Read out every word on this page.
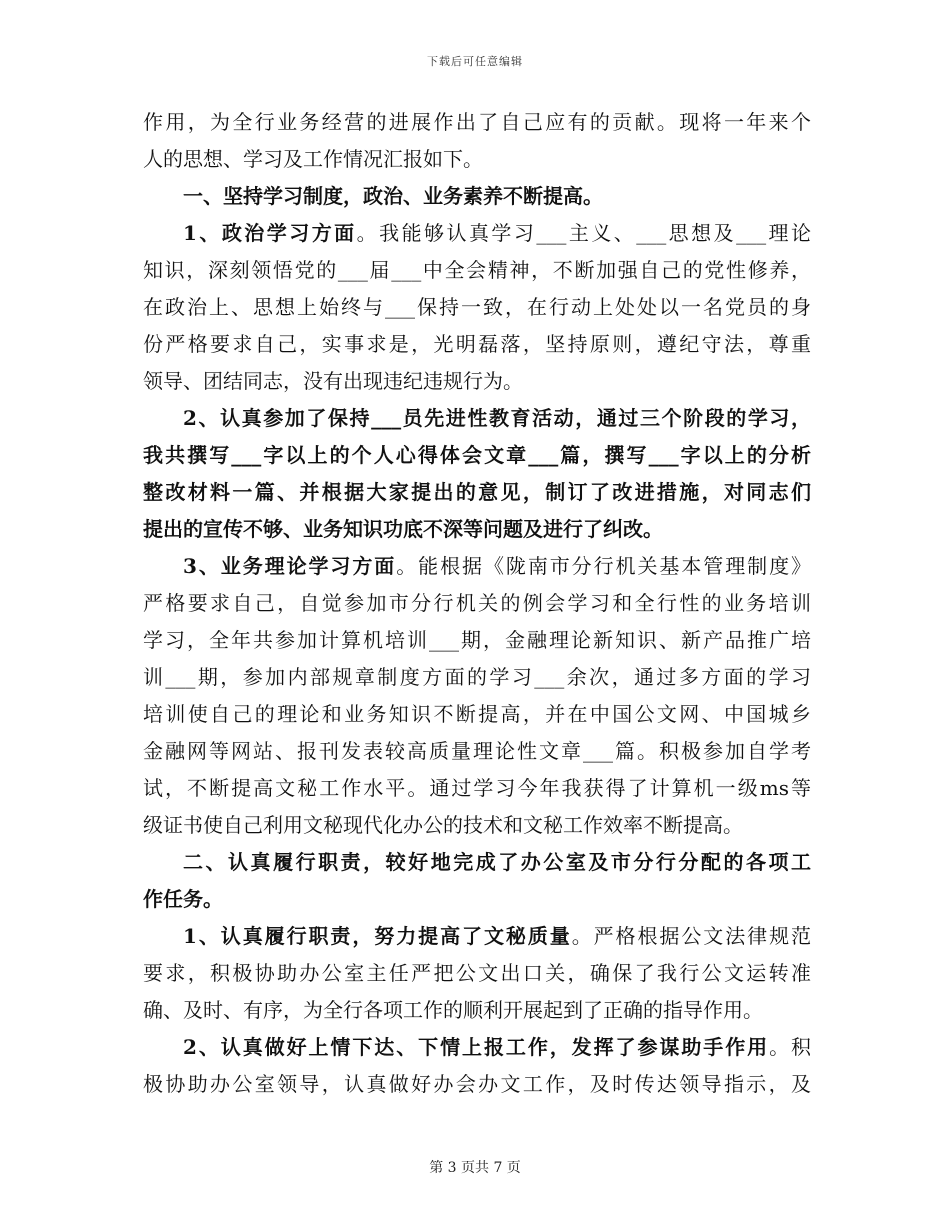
下载后可任意编辑
作用，为全行业务经营的进展作出了自己应有的贡献。现将一年来个
人的思想、学习及工作情况汇报如下。
一、坚持学习制度，政治、业务素养不断提高。
1、政治学习方面。我能够认真学习___主义、___思想及___理论
知识，深刻领悟党的___届___中全会精神，不断加强自己的党性修养，
在政治上、思想上始终与___保持一致，在行动上处处以一名党员的身
份严格要求自己，实事求是，光明磊落，坚持原则，遵纪守法，尊重
领导、团结同志，没有出现违纪违规行为。
2、认真参加了保持___员先进性教育活动，通过三个阶段的学习，
我共撰写___字以上的个人心得体会文章___篇，撰写___字以上的分析
整改材料一篇、并根据大家提出的意见，制订了改进措施，对同志们
提出的宣传不够、业务知识功底不深等问题及进行了纠改。
3、业务理论学习方面。能根据《陇南市分行机关基本管理制度》
严格要求自己，自觉参加市分行机关的例会学习和全行性的业务培训
学习，全年共参加计算机培训___期，金融理论新知识、新产品推广培
训___期，参加内部规章制度方面的学习___余次，通过多方面的学习
培训使自己的理论和业务知识不断提高，并在中国公文网、中国城乡
金融网等网站、报刊发表较高质量理论性文章___篇。积极参加自学考
试，不断提高文秘工作水平。通过学习今年我获得了计算机一级ms等
级证书使自己利用文秘现代化办公的技术和文秘工作效率不断提高。
二、认真履行职责，较好地完成了办公室及市分行分配的各项工
作任务。
1、认真履行职责，努力提高了文秘质量。严格根据公文法律规范
要求，积极协助办公室主任严把公文出口关，确保了我行公文运转准
确、及时、有序，为全行各项工作的顺利开展起到了正确的指导作用。
2、认真做好上情下达、下情上报工作，发挥了参谋助手作用。积
极协助办公室领导，认真做好办会办文工作，及时传达领导指示，及
第 3 页共 7 页
